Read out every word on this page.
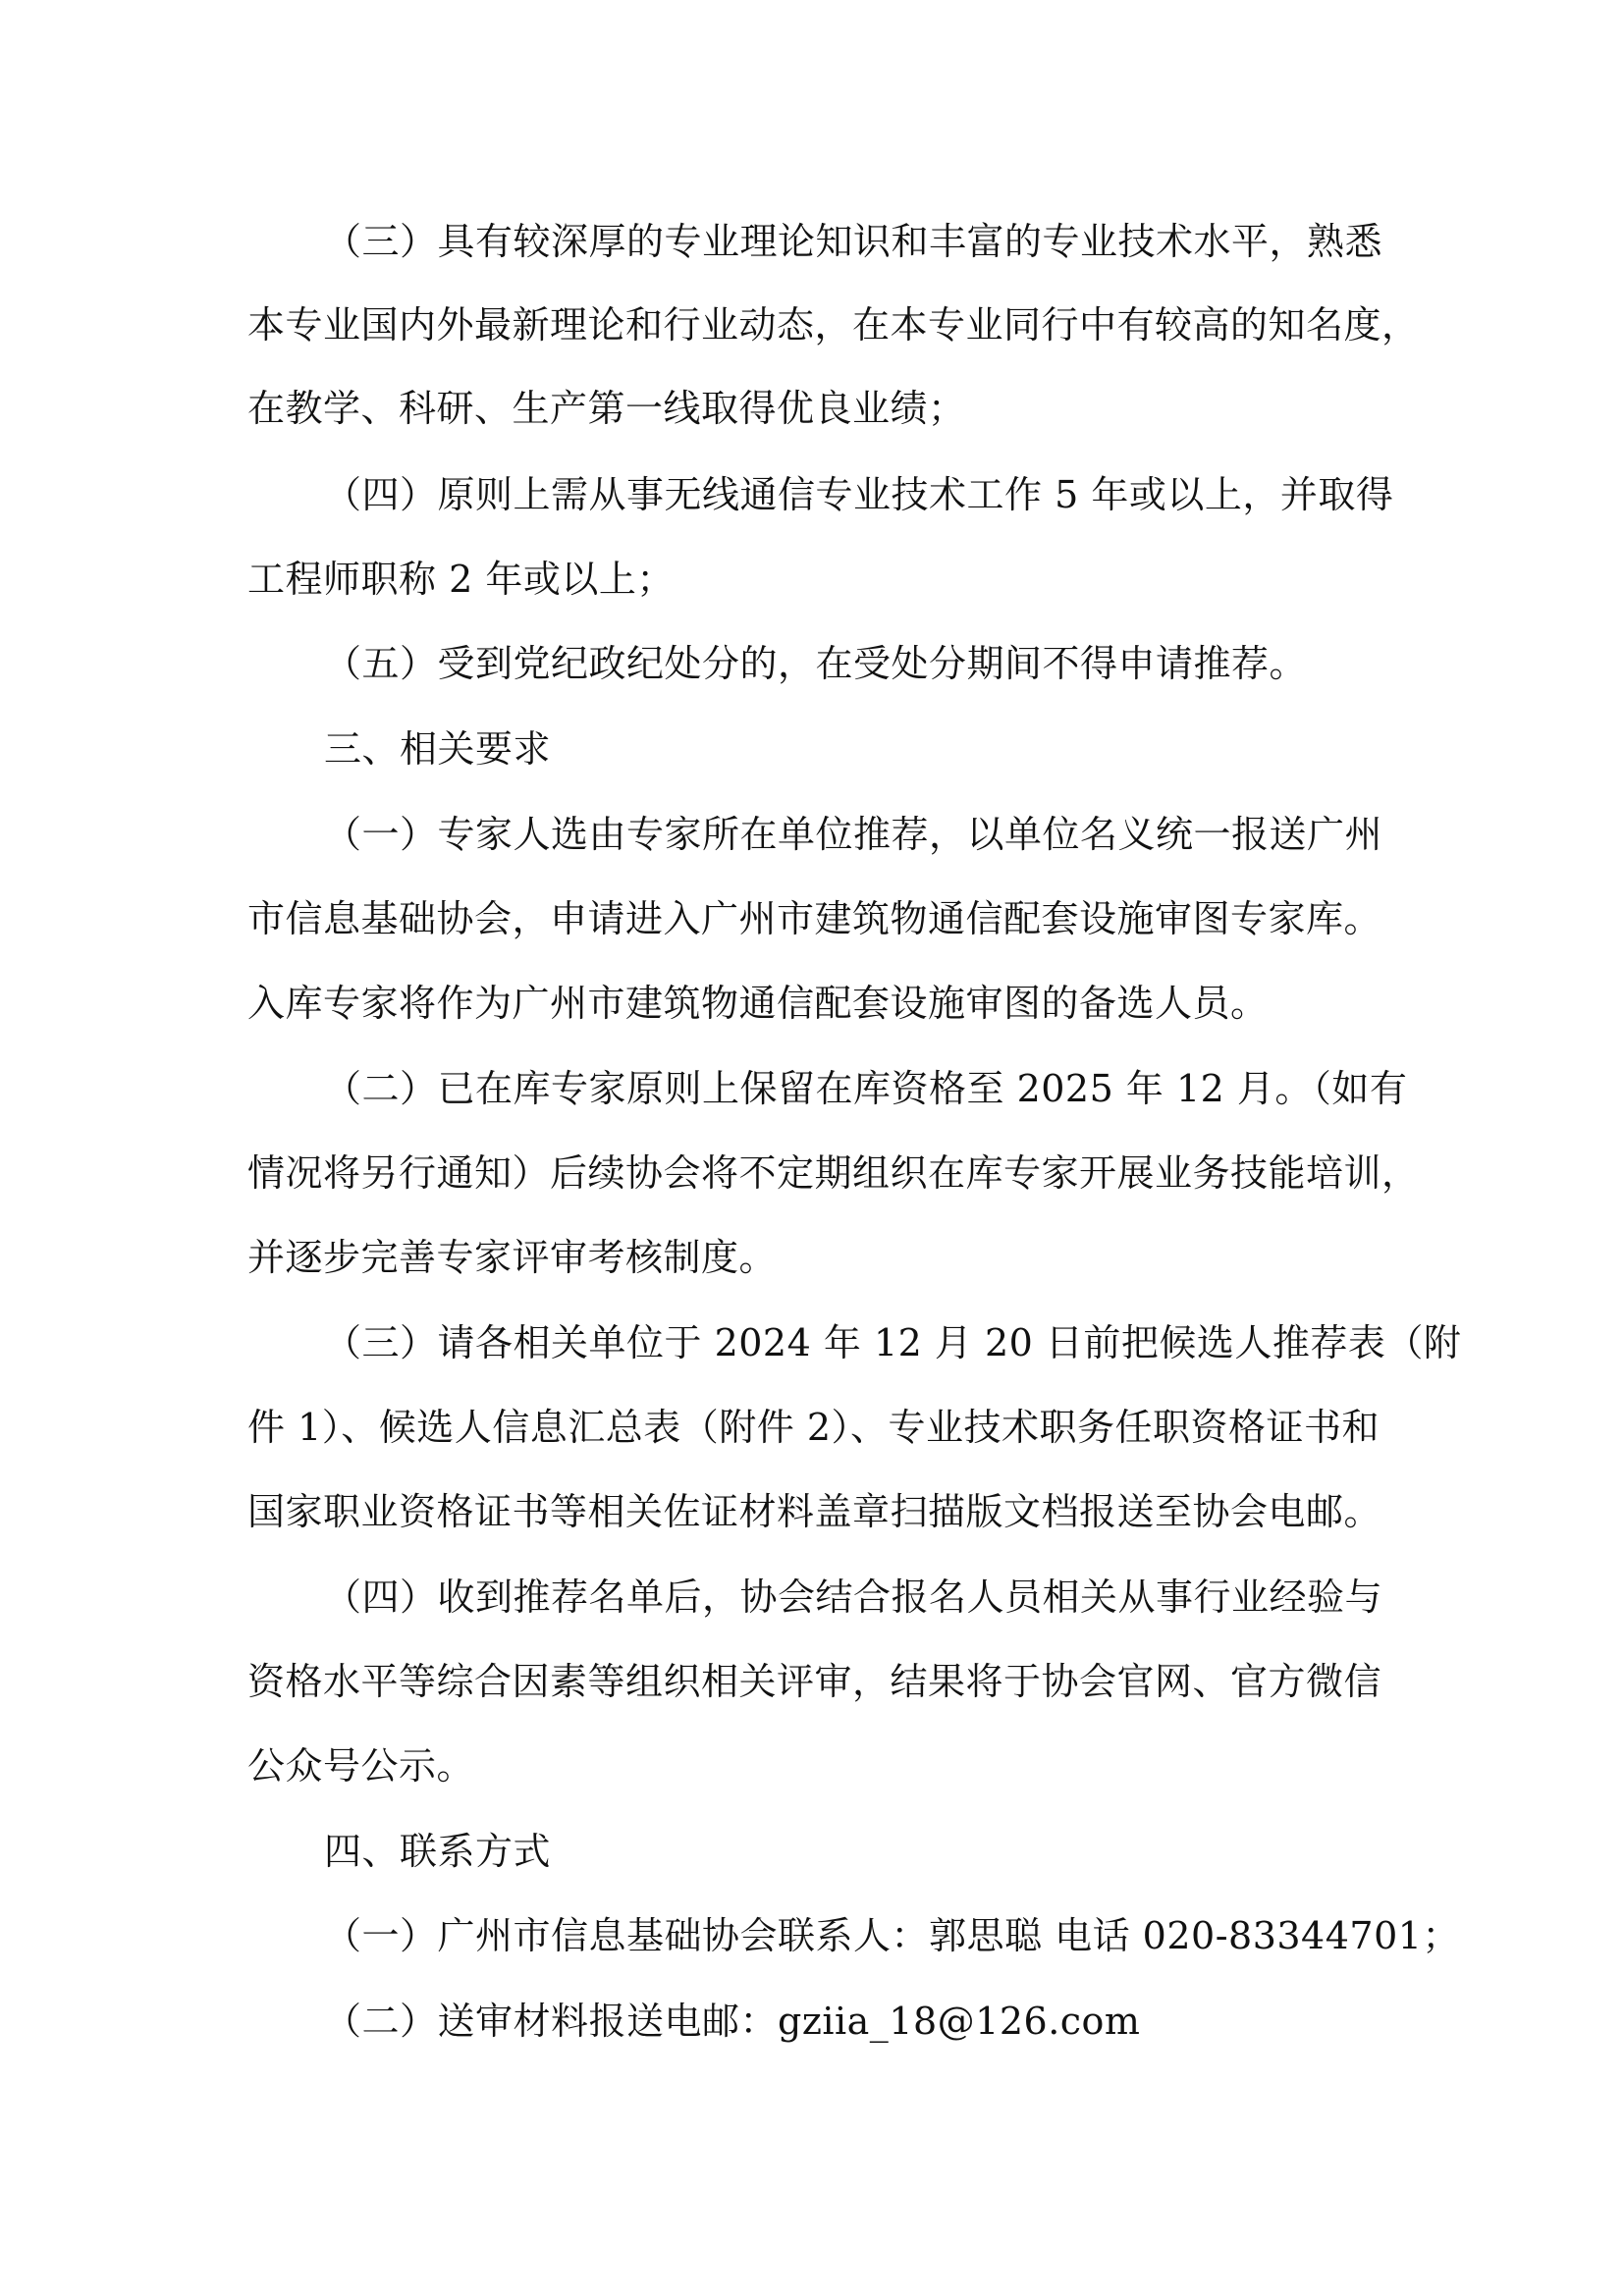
（三）具有较深厚的专业理论知识和丰富的专业技术水平，熟悉
本专业国内外最新理论和行业动态，在本专业同行中有较高的知名度，
在教学、科研、生产第一线取得优良业绩；
（四）原则上需从事无线通信专业技术工作 5 年或以上，并取得
工程师职称 2 年或以上；
（五）受到党纪政纪处分的，在受处分期间不得申请推荐。
三、相关要求
（一）专家人选由专家所在单位推荐，以单位名义统一报送广州
市信息基础协会，申请进入广州市建筑物通信配套设施审图专家库。
入库专家将作为广州市建筑物通信配套设施审图的备选人员。
（二）已在库专家原则上保留在库资格至 2025 年 12 月。（如有
情况将另行通知）后续协会将不定期组织在库专家开展业务技能培训，
并逐步完善专家评审考核制度。
（三）请各相关单位于 2024 年 12 月 20 日前把候选人推荐表（附
件 1）、候选人信息汇总表（附件 2）、专业技术职务任职资格证书和
国家职业资格证书等相关佐证材料盖章扫描版文档报送至协会电邮。
（四）收到推荐名单后，协会结合报名人员相关从事行业经验与
资格水平等综合因素等组织相关评审，结果将于协会官网、官方微信
公众号公示。
四、联系方式
（一）广州市信息基础协会联系人：郭思聪 电话 020-83344701；
（二）送审材料报送电邮：gziia_18@126.com
